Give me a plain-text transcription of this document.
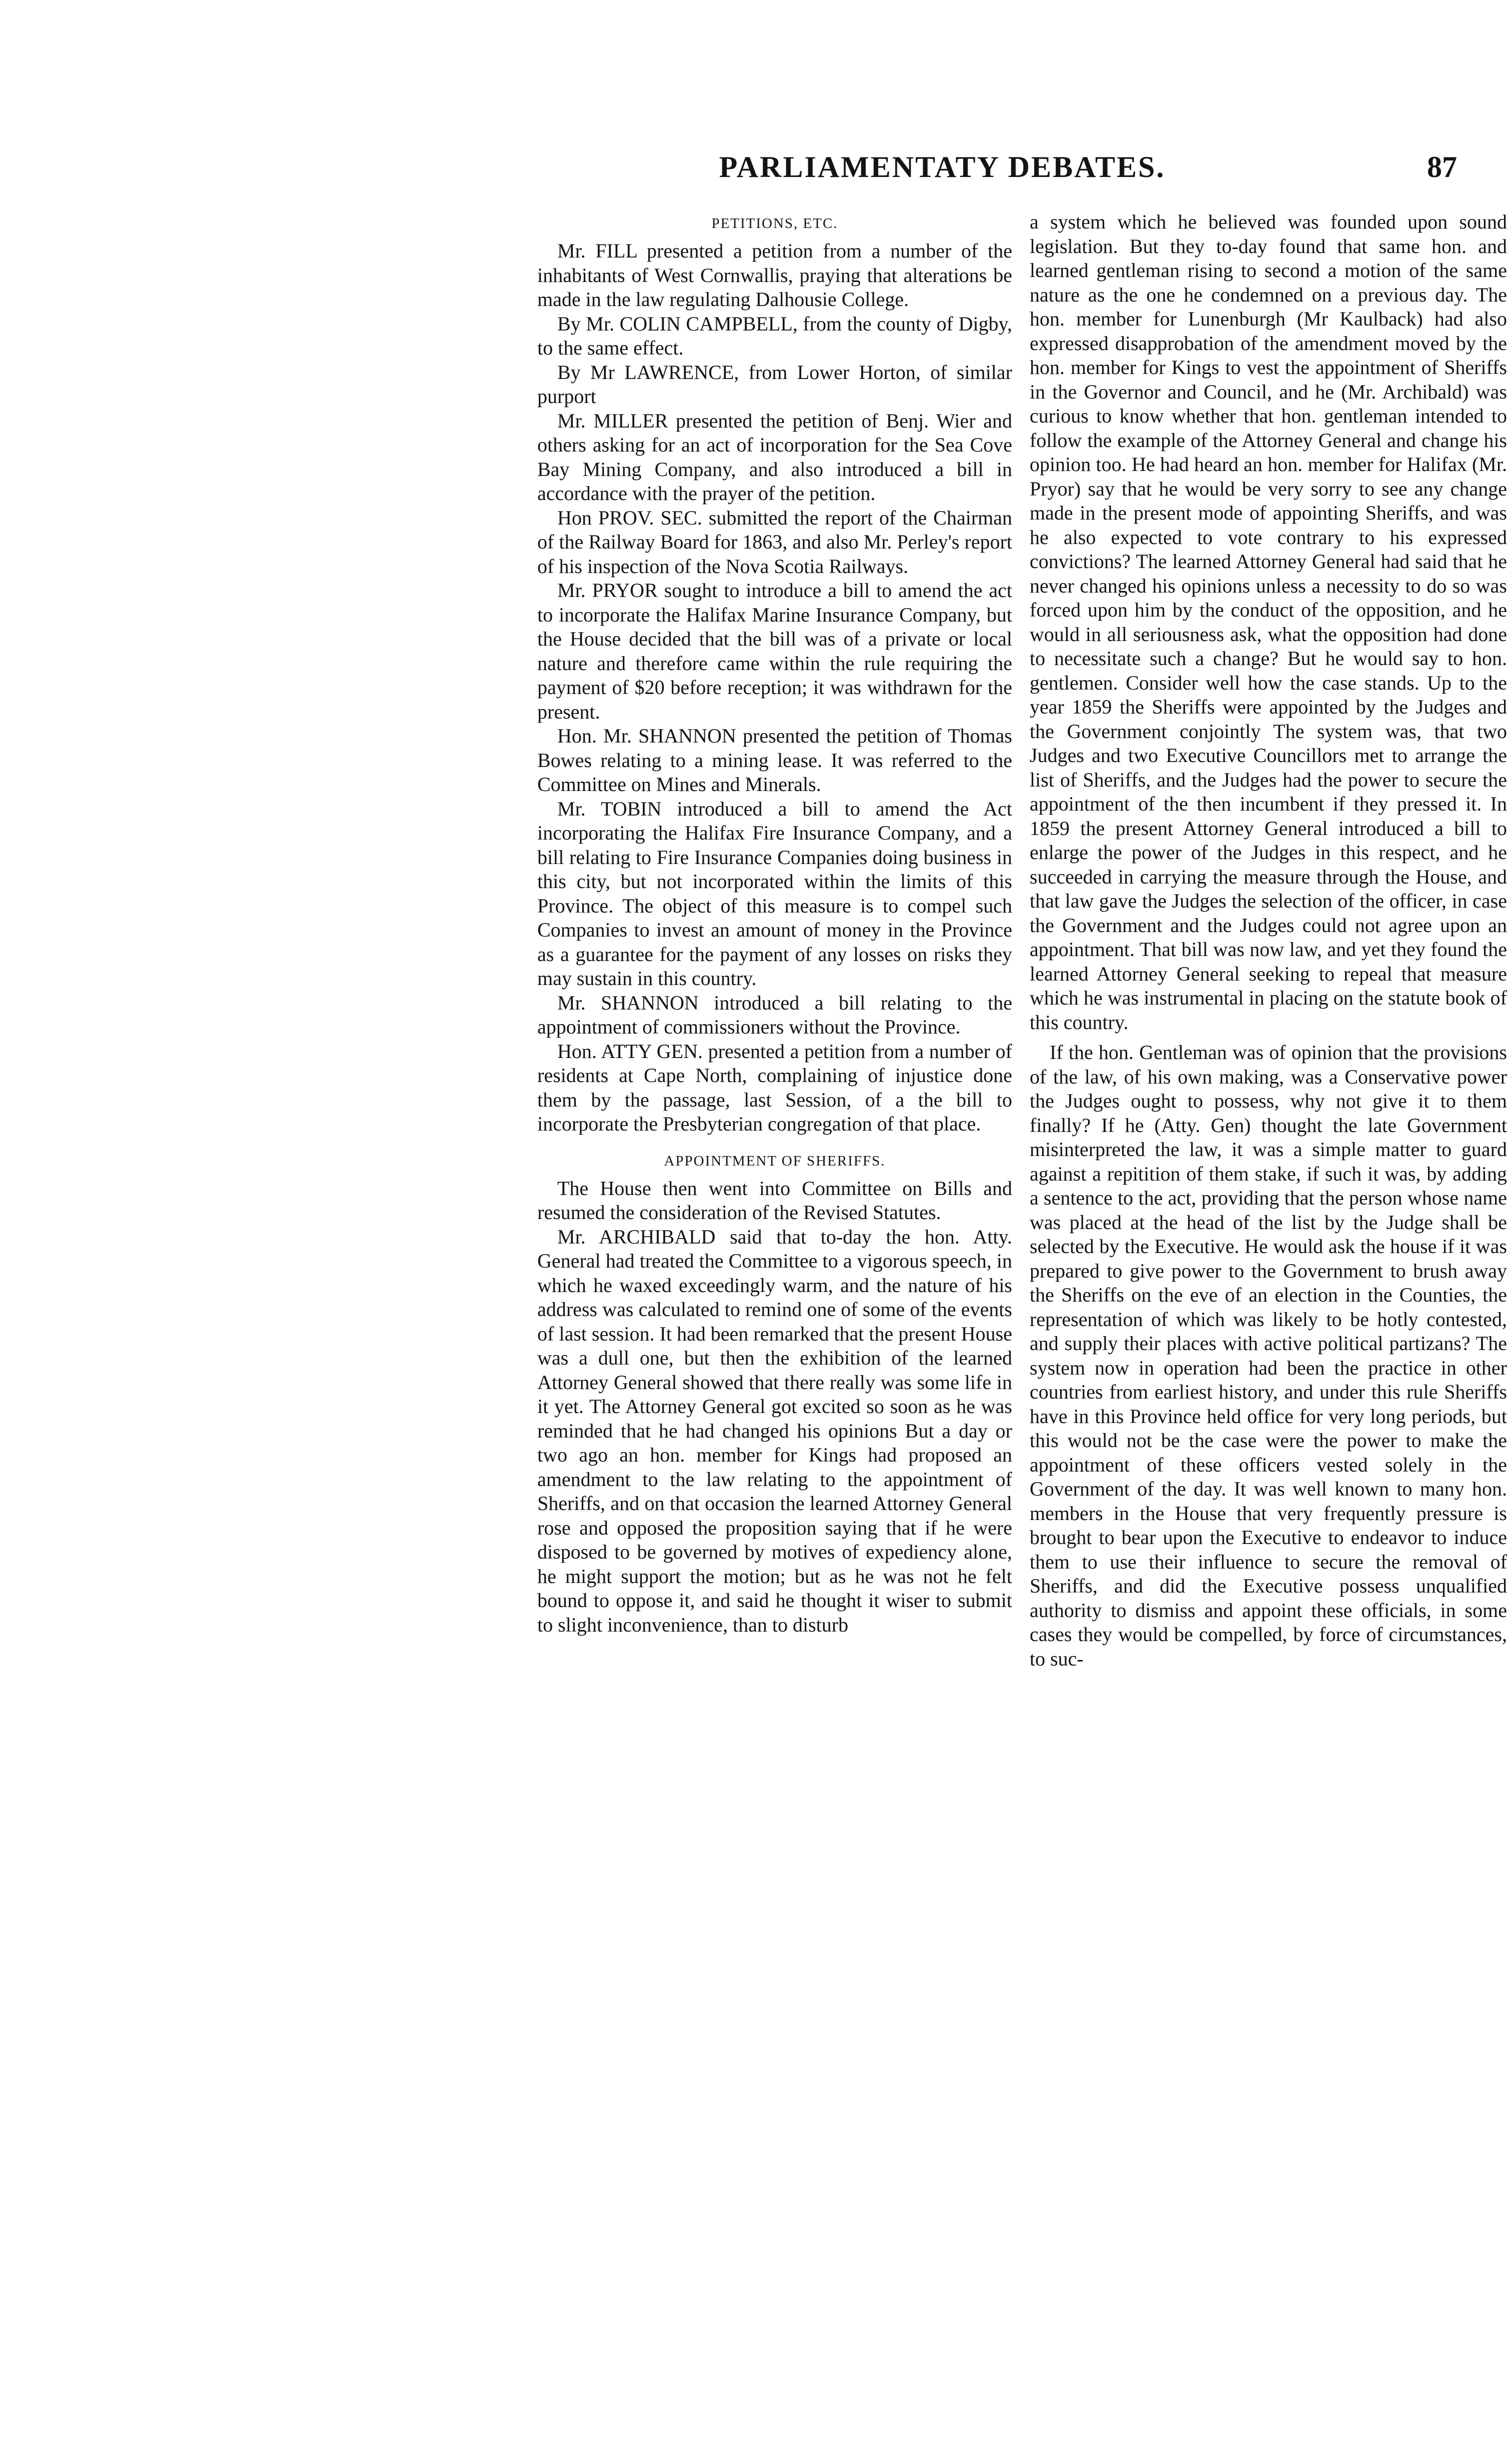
PARLIAMENTATY DEBATES.	87
PETITIONS, ETC.

Mr. FILL presented a petition from a number of the inhabitants of West Cornwallis, praying that alterations be made in the law regulating Dalhousie College.

By Mr. COLIN CAMPBELL, from the county of Digby, to the same effect.

By Mr LAWRENCE, from Lower Horton, of similar purport

Mr. MILLER presented the petition of Benj. Wier and others asking for an act of incorporation for the Sea Cove Bay Mining Company, and also introduced a bill in accordance with the prayer of the petition.

Hon PROV. SEC. submitted the report of the Chairman of the Railway Board for 1863, and also Mr. Perley's report of his inspection of the Nova Scotia Railways.

Mr. PRYOR sought to introduce a bill to amend the act to incorporate the Halifax Marine Insurance Company, but the House decided that the bill was of a private or local nature and therefore came within the rule requiring the payment of $20 before reception; it was withdrawn for the present.

Hon. Mr. SHANNON presented the petition of Thomas Bowes relating to a mining lease. It was referred to the Committee on Mines and Minerals.

Mr. TOBIN introduced a bill to amend the Act incorporating the Halifax Fire Insurance Company, and a bill relating to Fire Insurance Companies doing business in this city, but not incorporated within the limits of this Province. The object of this measure is to compel such Companies to invest an amount of money in the Province as a guarantee for the payment of any losses on risks they may sustain in this country.

Mr. SHANNON introduced a bill relating to the appointment of commissioners without the Province.

Hon. ATTY GEN. presented a petition from a number of residents at Cape North, complaining of injustice done them by the passage, last Session, of a the bill to incorporate the Presbyterian congregation of that place.

APPOINTMENT OF SHERIFFS.

The House then went into Committee on Bills and resumed the consideration of the Revised Statutes.

Mr. ARCHIBALD said that to-day the hon. Atty. General had treated the Committee to a vigorous speech, in which he waxed exceedingly warm, and the nature of his address was calculated to remind one of some of the events of last session. It had been remarked that the present House was a dull one, but then the exhibition of the learned Attorney General showed that there really was some life in it yet. The Attorney General got excited so soon as he was reminded that he had changed his opinions But a day or two ago an hon. member for Kings had proposed an amendment to the law relating to the appointment of Sheriffs, and on that occasion the learned Attorney General rose and opposed the proposition saying that if he were disposed to be governed by motives of expediency alone, he might support the motion; but as he was not he felt bound to oppose it, and said he thought it wiser to submit to slight inconvenience, than to disturb

a system which he believed was founded upon sound legislation. But they to-day found that same hon. and learned gentleman rising to second a motion of the same nature as the one he condemned on a previous day. The hon. member for Lunenburgh (Mr Kaulback) had also expressed disapprobation of the amendment moved by the hon. member for Kings to vest the appointment of Sheriffs in the Governor and Council, and he (Mr. Archibald) was curious to know whether that hon. gentleman intended to follow the example of the Attorney General and change his opinion too. He had heard an hon. member for Halifax (Mr. Pryor) say that he would be very sorry to see any change made in the present mode of appointing Sheriffs, and was he also expected to vote contrary to his expressed convictions? The learned Attorney General had said that he never changed his opinions unless a necessity to do so was forced upon him by the conduct of the opposition, and he would in all seriousness ask, what the opposition had done to necessitate such a change? But he would say to hon. gentlemen. Consider well how the case stands. Up to the year 1859 the Sheriffs were appointed by the Judges and the Government conjointly The system was, that two Judges and two Executive Councillors met to arrange the list of Sheriffs, and the Judges had the power to secure the appointment of the then incumbent if they pressed it. In 1859 the present Attorney General introduced a bill to enlarge the power of the Judges in this respect, and he succeeded in carrying the measure through the House, and that law gave the Judges the selection of the officer, in case the Government and the Judges could not agree upon an appointment. That bill was now law, and yet they found the learned Attorney General seeking to repeal that measure which he was instrumental in placing on the statute book of this country.

If the hon. Gentleman was of opinion that the provisions of the law, of his own making, was a Conservative power the Judges ought to possess, why not give it to them finally? If he (Atty. Gen) thought the late Government misinterpreted the law, it was a simple matter to guard against a repitition of them stake, if such it was, by adding a sentence to the act, providing that the person whose name was placed at the head of the list by the Judge shall be selected by the Executive. He would ask the house if it was prepared to give power to the Government to brush away the Sheriffs on the eve of an election in the Counties, the representation of which was likely to be hotly contested, and supply their places with active political partizans? The system now in operation had been the practice in other countries from earliest history, and under this rule Sheriffs have in this Province held office for very long periods, but this would not be the case were the power to make the appointment of these officers vested solely in the Government of the day. It was well known to many hon. members in the House that very frequently pressure is brought to bear upon the Executive to endeavor to induce them to use their influence to secure the removal of Sheriffs, and did the Executive possess unqualified authority to dismiss and appoint these officials, in some cases they would be compelled, by force of circumstances, to suc-
